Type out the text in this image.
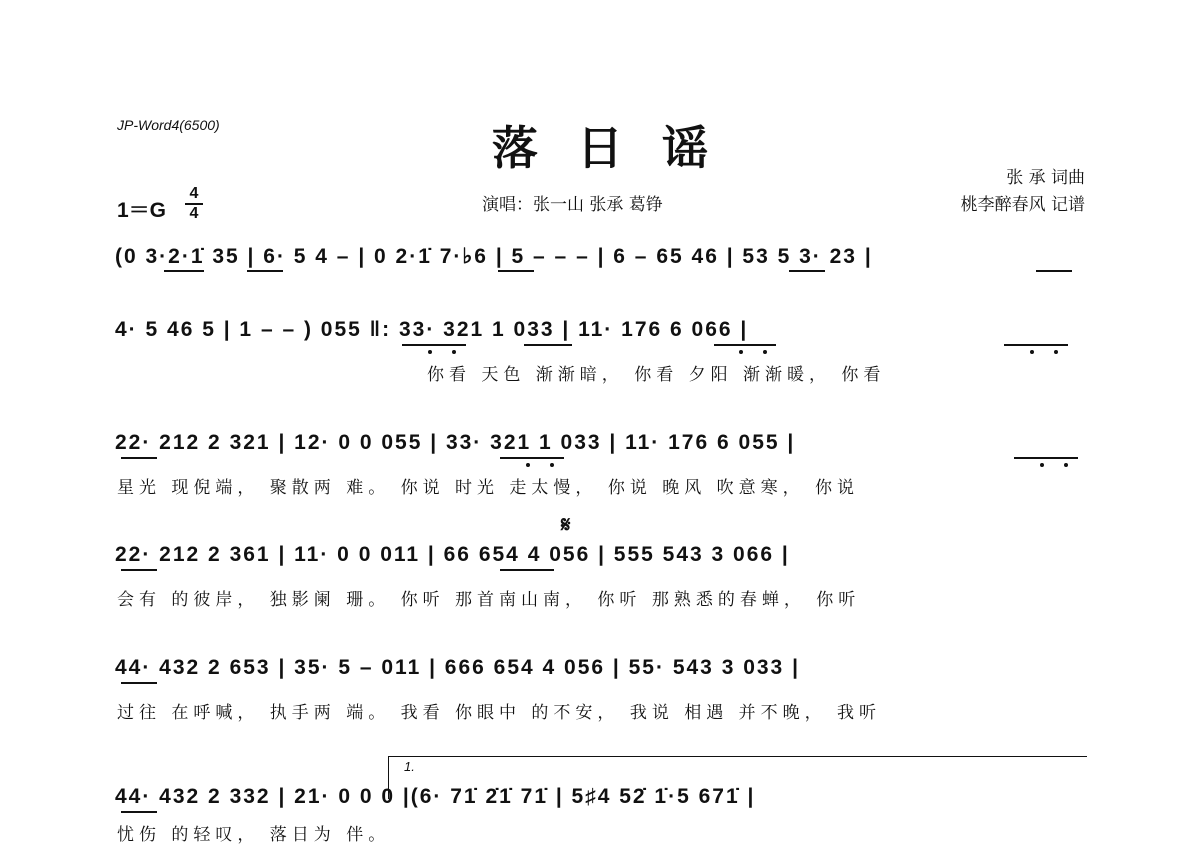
JP-Word4(6500)	落日谣
张 承 词曲
桃李醉春风 记谱
1＝G
4
4	演唱：张一山 张承 葛铮
(0 3·2·1̇ 35 | 6· 5 4 – | 0 2·1̇ 7·♭6 | 5 – – – | 6 – 65 46 | 53 5 3· 23 |
4· 5 46 5 | 1 – – ) 055 ‖: 33· 321 1 033 | 11· 176 6 066 |
你看 天色 渐渐暗， 你看 夕阳 渐渐暖， 你看
22· 212 2 321 | 12· 0 0 055 | 33· 321 1 033 | 11· 176 6 055 |
星光 现倪端， 聚散两 难。 你说 时光 走太慢， 你说 晚风 吹意寒， 你说
𝄋
22· 212 2 361 | 11· 0 0 011 | 66 654 4 056 | 555 543 3 066 |
会有 的彼岸， 独影阑 珊。 你听 那首南山南， 你听 那熟悉的春蝉， 你听
44· 432 2 653 | 35· 5 – 011 | 666 654 4 056 | 55· 543 3 033 |
过往 在呼喊， 执手两 端。 我看 你眼中 的不安， 我说 相遇 并不晚， 我听
1.
44· 432 2 332 | 21· 0 0 0 |(6· 71̇ 2̇1̇ 71̇ | 5♯4 52̇ 1̇·5 671̇ |
忧伤 的轻叹， 落日为 伴。
